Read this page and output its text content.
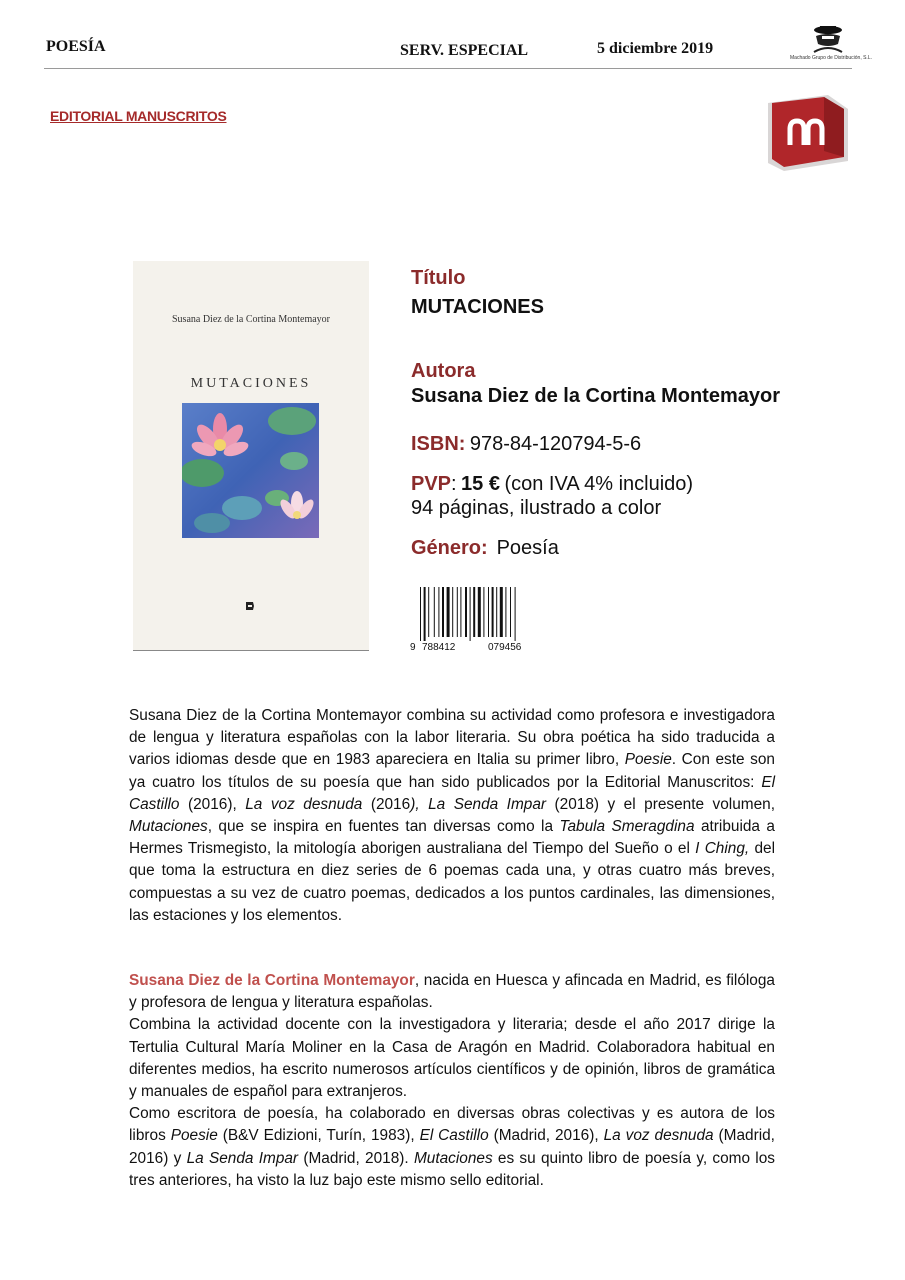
POESÍA	SERV. ESPECIAL	5 diciembre 2019
Machado Grupo de Distribución, S.L.
EDITORIAL MANUSCRITOS
Susana Diez de la Cortina Montemayor
MUTACIONES
Título
MUTACIONES
Autora
Susana Diez de la Cortina Montemayor
ISBN: 978-84-120794-5-6
PVP: 15 € (con IVA 4% incluido)
94 páginas, ilustrado a color
Género: Poesía
9 788412	079456

Susana Diez de la Cortina Montemayor combina su actividad como profesora e investigadora de lengua y literatura españolas con la labor literaria. Su obra poética ha sido traducida a varios idiomas desde que en 1983 apareciera en Italia su primer libro, Poesie. Con este son ya cuatro los títulos de su poesía que han sido publicados por la Editorial Manuscritos: El Castillo (2016), La voz desnuda (2016), La Senda Impar (2018) y el presente volumen, Mutaciones, que se inspira en fuentes tan diversas como la Tabula Smeragdina atribuida a Hermes Trismegisto, la mitología aborigen australiana del Tiempo del Sueño o el I Ching, del que toma la estructura en diez series de 6 poemas cada una, y otras cuatro más breves, compuestas a su vez de cuatro poemas, dedicados a los puntos cardinales, las dimensiones, las estaciones y los elementos.

Susana Diez de la Cortina Montemayor, nacida en Huesca y afincada en Madrid, es filóloga y profesora de lengua y literatura españolas.

Combina la actividad docente con la investigadora y literaria; desde el año 2017 dirige la Tertulia Cultural María Moliner en la Casa de Aragón en Madrid. Colaboradora habitual en diferentes medios, ha escrito numerosos artículos científicos y de opinión, libros de gramática y manuales de español para extranjeros.

Como escritora de poesía, ha colaborado en diversas obras colectivas y es autora de los libros Poesie (B&V Edizioni, Turín, 1983), El Castillo (Madrid, 2016), La voz desnuda (Madrid, 2016) y La Senda Impar (Madrid, 2018). Mutaciones es su quinto libro de poesía y, como los tres anteriores, ha visto la luz bajo este mismo sello editorial.
